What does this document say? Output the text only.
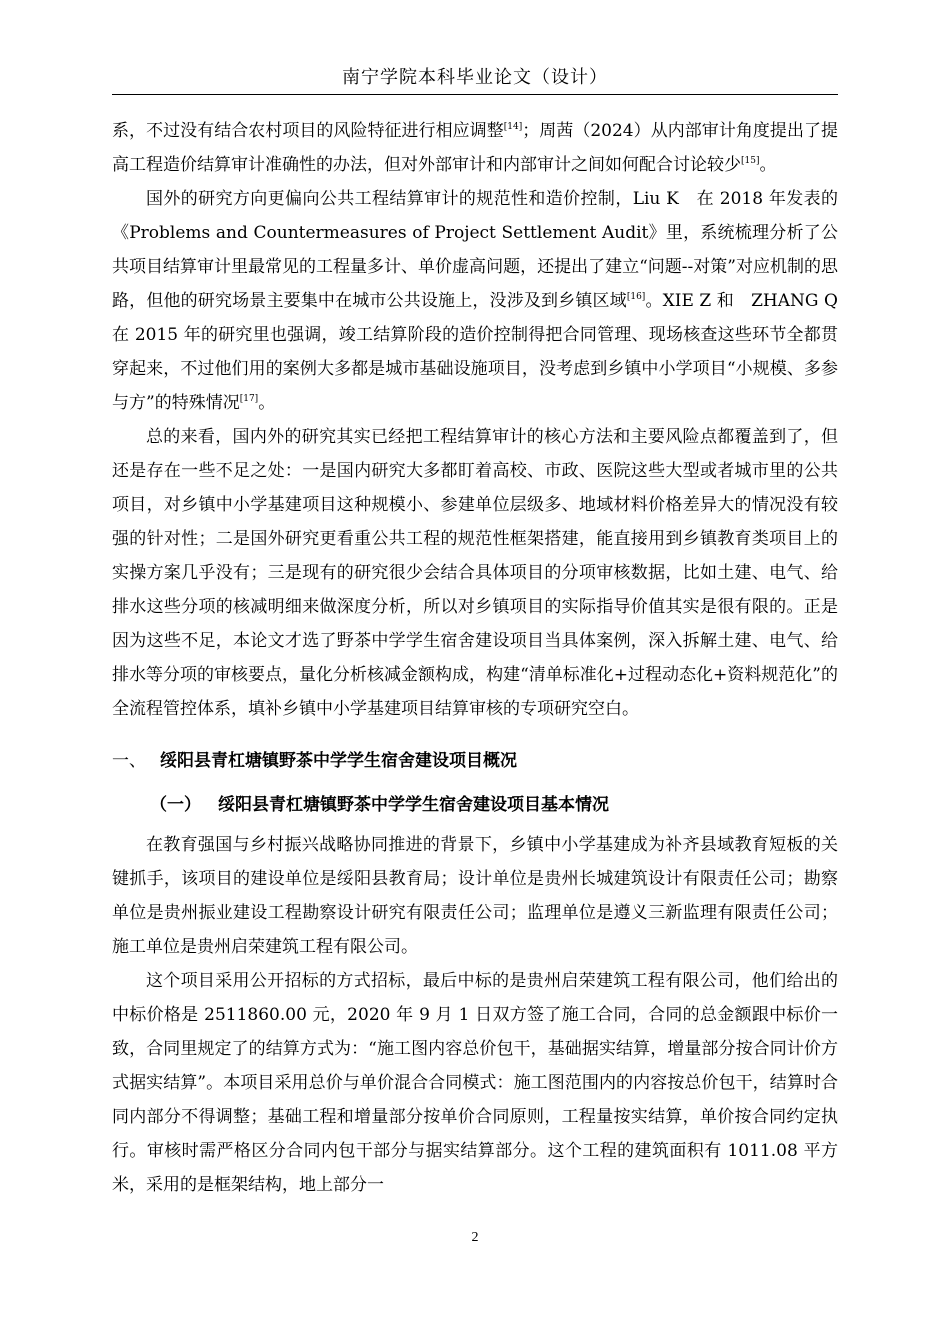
南宁学院本科毕业论文（设计）

系，不过没有结合农村项目的风险特征进行相应调整[14]；周茜（2024）从内部审计角度提出了提高工程造价结算审计准确性的办法，但对外部审计和内部审计之间如何配合讨论较少[15]。

国外的研究方向更偏向公共工程结算审计的规范性和造价控制，Liu K　在 2018 年发表的《Problems and Countermeasures of Project Settlement Audit》里，系统梳理分析了公共项目结算审计里最常见的工程量多计、单价虚高问题，还提出了建立“问题--对策”对应机制的思路，但他的研究场景主要集中在城市公共设施上，没涉及到乡镇区域[16]。XIE Z 和　ZHANG Q 在 2015 年的研究里也强调，竣工结算阶段的造价控制得把合同管理、现场核查这些环节全都贯穿起来，不过他们用的案例大多都是城市基础设施项目，没考虑到乡镇中小学项目“小规模、多参与方”的特殊情况[17]。

总的来看，国内外的研究其实已经把工程结算审计的核心方法和主要风险点都覆盖到了，但还是存在一些不足之处：一是国内研究大多都盯着高校、市政、医院这些大型或者城市里的公共项目，对乡镇中小学基建项目这种规模小、参建单位层级多、地域材料价格差异大的情况没有较强的针对性；二是国外研究更看重公共工程的规范性框架搭建，能直接用到乡镇教育类项目上的实操方案几乎没有；三是现有的研究很少会结合具体项目的分项审核数据，比如土建、电气、给排水这些分项的核减明细来做深度分析，所以对乡镇项目的实际指导价值其实是很有限的。正是因为这些不足，本论文才选了野茶中学学生宿舍建设项目当具体案例，深入拆解土建、电气、给排水等分项的审核要点，量化分析核减金额构成，构建“清单标准化+过程动态化+资料规范化”的全流程管控体系，填补乡镇中小学基建项目结算审核的专项研究空白。

一、 绥阳县青杠塘镇野茶中学学生宿舍建设项目概况
（一） 绥阳县青杠塘镇野茶中学学生宿舍建设项目基本情况

在教育强国与乡村振兴战略协同推进的背景下，乡镇中小学基建成为补齐县域教育短板的关键抓手，该项目的建设单位是绥阳县教育局；设计单位是贵州长城建筑设计有限责任公司；勘察单位是贵州振业建设工程勘察设计研究有限责任公司；监理单位是遵义三新监理有限责任公司；施工单位是贵州启荣建筑工程有限公司。

这个项目采用公开招标的方式招标，最后中标的是贵州启荣建筑工程有限公司，他们给出的中标价格是 2511860.00 元，2020 年 9 月 1 日双方签了施工合同，合同的总金额跟中标价一致，合同里规定了的结算方式为：“施工图内容总价包干，基础据实结算，增量部分按合同计价方式据实结算”。本项目采用总价与单价混合合同模式：施工图范围内的内容按总价包干，结算时合同内部分不得调整；基础工程和增量部分按单价合同原则，工程量按实结算，单价按合同约定执行。审核时需严格区分合同内包干部分与据实结算部分。这个工程的建筑面积有 1011.08 平方米，采用的是框架结构，地上部分一

2
